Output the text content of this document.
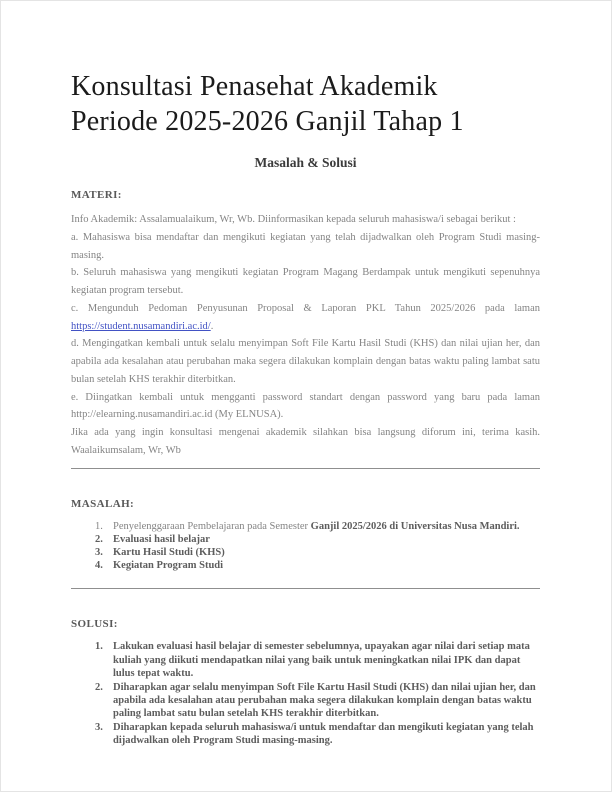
Konsultasi Penasehat Akademik
Periode 2025-2026 Ganjil Tahap 1
Masalah & Solusi
MATERI:

Info Akademik: Assalamualaikum, Wr, Wb. Diinformasikan kepada seluruh mahasiswa/i sebagai berikut :

a. Mahasiswa bisa mendaftar dan mengikuti kegiatan yang telah dijadwalkan oleh Program Studi masing-masing.

b. Seluruh mahasiswa yang mengikuti kegiatan Program Magang Berdampak untuk mengikuti sepenuhnya kegiatan program tersebut.

c. Mengunduh Pedoman Penyusunan Proposal & Laporan PKL Tahun 2025/2026 pada laman https://student.nusamandiri.ac.id/.

d. Mengingatkan kembali untuk selalu menyimpan Soft File Kartu Hasil Studi (KHS) dan nilai ujian her, dan apabila ada kesalahan atau perubahan maka segera dilakukan komplain dengan batas waktu paling lambat satu bulan setelah KHS terakhir diterbitkan.

e. Diingatkan kembali untuk mengganti password standart dengan password yang baru pada laman http://elearning.nusamandiri.ac.id (My ELNUSA).

Jika ada yang ingin konsultasi mengenai akademik silahkan bisa langsung diforum ini, terima kasih. Waalaikumsalam, Wr, Wb

MASALAH:
Penyelenggaraan Pembelajaran pada Semester Ganjil 2025/2026 di Universitas Nusa Mandiri.
Evaluasi hasil belajar
Kartu Hasil Studi (KHS)
Kegiatan Program Studi
SOLUSI:
Lakukan evaluasi hasil belajar di semester sebelumnya, upayakan agar nilai dari setiap mata kuliah yang diikuti mendapatkan nilai yang baik untuk meningkatkan nilai IPK dan dapat lulus tepat waktu.
Diharapkan agar selalu menyimpan Soft File Kartu Hasil Studi (KHS) dan nilai ujian her, dan apabila ada kesalahan atau perubahan maka segera dilakukan komplain dengan batas waktu paling lambat satu bulan setelah KHS terakhir diterbitkan.
Diharapkan kepada seluruh mahasiswa/i untuk mendaftar dan mengikuti kegiatan yang telah dijadwalkan oleh Program Studi masing-masing.
